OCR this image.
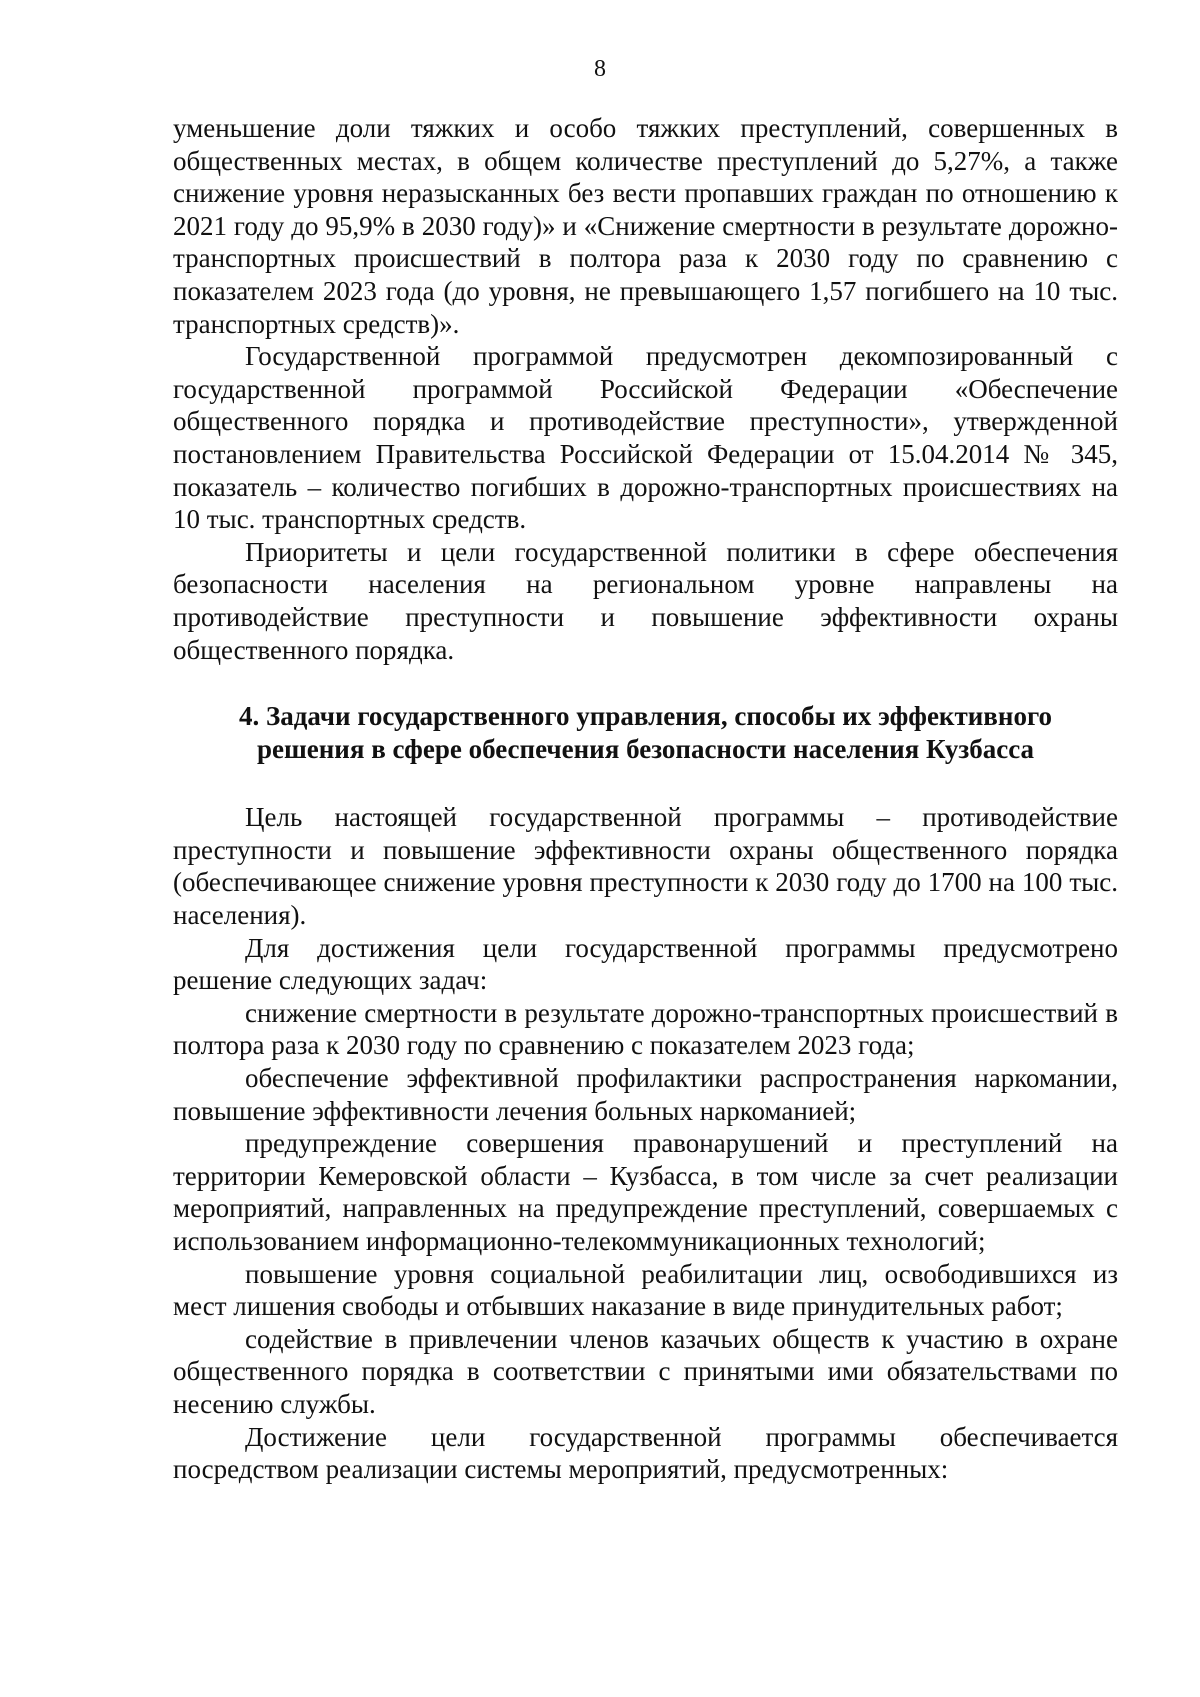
8

уменьшение доли тяжких и особо тяжких преступлений, совершенных в общественных местах, в общем количестве преступлений до 5,27%, а также снижение уровня неразысканных без вести пропавших граждан по отношению к 2021 году до 95,9% в 2030 году)» и «Снижение смертности в результате дорожно-транспортных происшествий в полтора раза к 2030 году по сравнению с показателем 2023 года (до уровня, не превышающего 1,57 погибшего на 10 тыс. транспортных средств)».

Государственной программой предусмотрен декомпозированный с государственной программой Российской Федерации «Обеспечение общественного порядка и противодействие преступности», утвержденной постановлением Правительства Российской Федерации от 15.04.2014 № 345, показатель – количество погибших в дорожно-транспортных происшествиях на 10 тыс. транспортных средств.

Приоритеты и цели государственной политики в сфере обеспечения безопасности населения на региональном уровне направлены на противодействие преступности и повышение эффективности охраны общественного порядка.

4. Задачи государственного управления, способы их эффективного
решения в сфере обеспечения безопасности населения Кузбасса

Цель настоящей государственной программы – противодействие преступности и повышение эффективности охраны общественного порядка (обеспечивающее снижение уровня преступности к 2030 году до 1700 на 100 тыс. населения).

Для достижения цели государственной программы предусмотрено решение следующих задач:

снижение смертности в результате дорожно-транспортных происшествий в полтора раза к 2030 году по сравнению с показателем 2023 года;

обеспечение эффективной профилактики распространения наркомании, повышение эффективности лечения больных наркоманией;

предупреждение совершения правонарушений и преступлений на территории Кемеровской области – Кузбасса, в том числе за счет реализации мероприятий, направленных на предупреждение преступлений, совершаемых с использованием информационно-телекоммуникационных технологий;

повышение уровня социальной реабилитации лиц, освободившихся из мест лишения свободы и отбывших наказание в виде принудительных работ;

содействие в привлечении членов казачьих обществ к участию в охране общественного порядка в соответствии с принятыми ими обязательствами по несению службы.

Достижение цели государственной программы обеспечивается посредством реализации системы мероприятий, предусмотренных:
